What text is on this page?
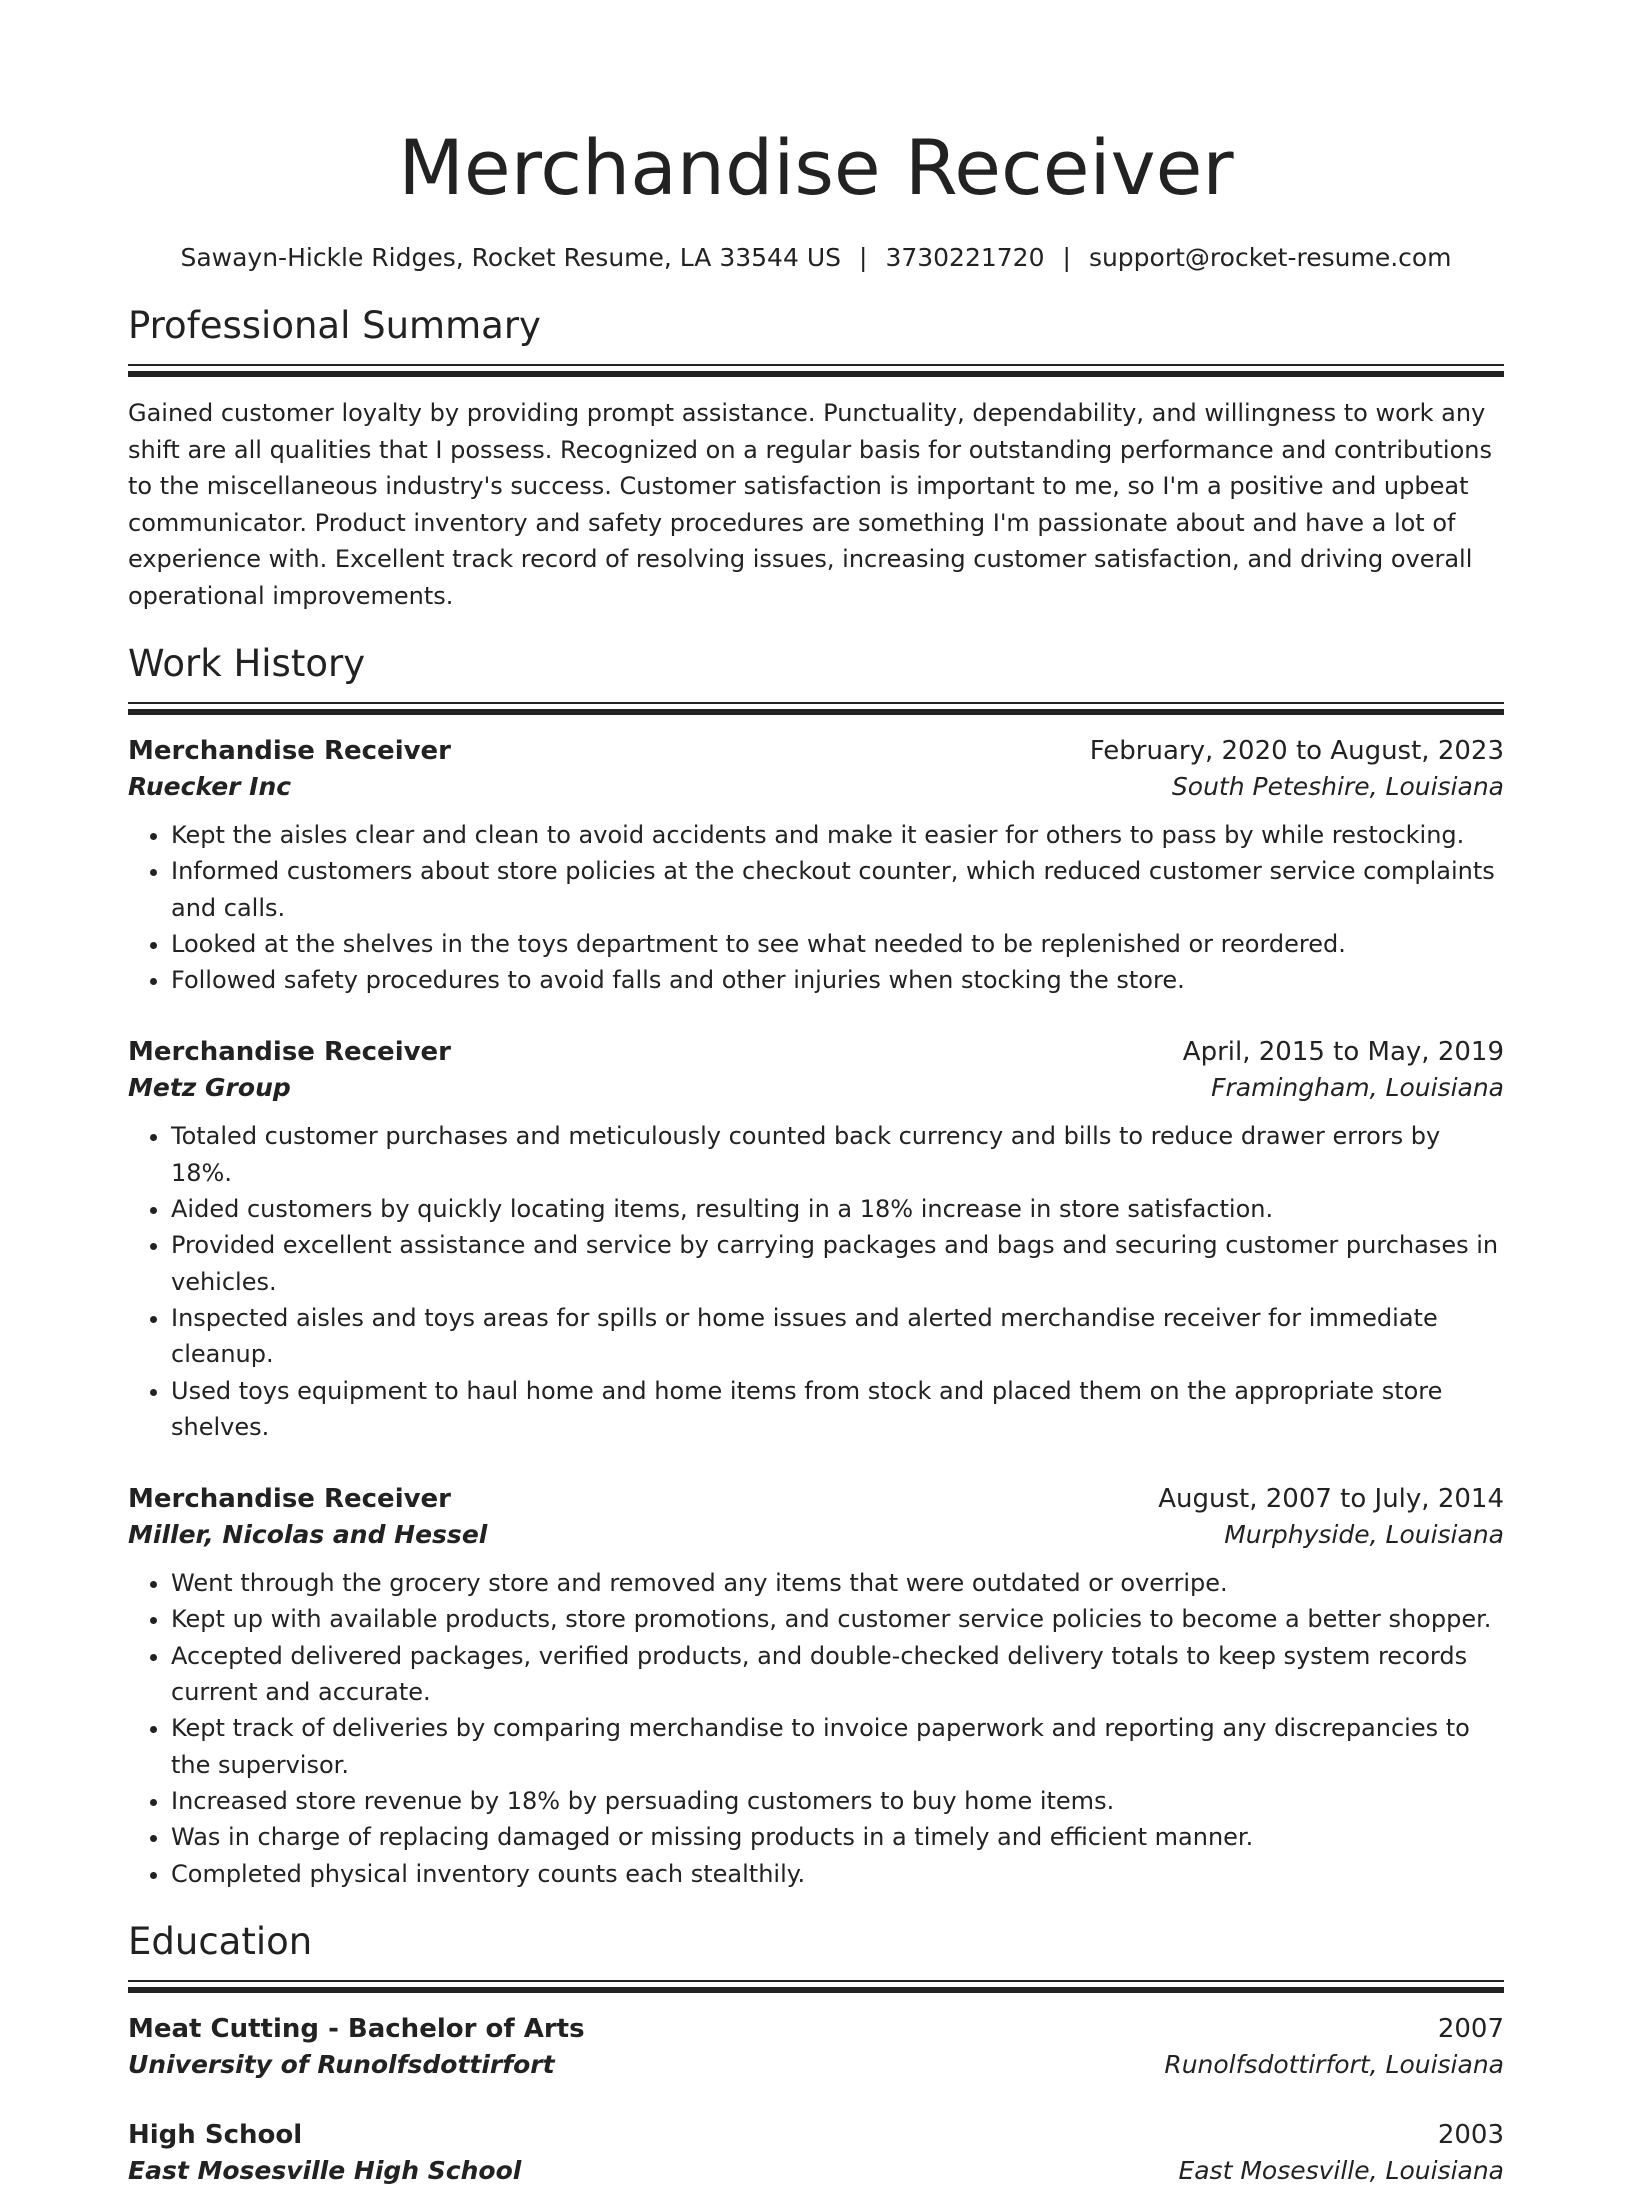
Merchandise Receiver
Sawayn-Hickle Ridges, Rocket Resume, LA 33544 US | 3730221720 | support@rocket-resume.com
Professional Summary

Gained customer loyalty by providing prompt assistance. Punctuality, dependability, and willingness to work any shift are all qualities that I possess. Recognized on a regular basis for outstanding performance and contributions to the miscellaneous industry's success. Customer satisfaction is important to me, so I'm a positive and upbeat communicator. Product inventory and safety procedures are something I'm passionate about and have a lot of experience with. Excellent track record of resolving issues, increasing customer satisfaction, and driving overall operational improvements.

Work History
Merchandise Receiver	February, 2020 to August, 2023
Ruecker Inc	South Peteshire, Louisiana
• Kept the aisles clear and clean to avoid accidents and make it easier for others to pass by while restocking.
• Informed customers about store policies at the checkout counter, which reduced customer service complaints and calls.
• Looked at the shelves in the toys department to see what needed to be replenished or reordered.
• Followed safety procedures to avoid falls and other injuries when stocking the store.
Merchandise Receiver	April, 2015 to May, 2019
Metz Group	Framingham, Louisiana
• Totaled customer purchases and meticulously counted back currency and bills to reduce drawer errors by 18%.
• Aided customers by quickly locating items, resulting in a 18% increase in store satisfaction.
• Provided excellent assistance and service by carrying packages and bags and securing customer purchases in vehicles.
• Inspected aisles and toys areas for spills or home issues and alerted merchandise receiver for immediate cleanup.
• Used toys equipment to haul home and home items from stock and placed them on the appropriate store shelves.
Merchandise Receiver	August, 2007 to July, 2014
Miller, Nicolas and Hessel	Murphyside, Louisiana
• Went through the grocery store and removed any items that were outdated or overripe.
• Kept up with available products, store promotions, and customer service policies to become a better shopper.
• Accepted delivered packages, verified products, and double-checked delivery totals to keep system records current and accurate.
• Kept track of deliveries by comparing merchandise to invoice paperwork and reporting any discrepancies to the supervisor.
• Increased store revenue by 18% by persuading customers to buy home items.
• Was in charge of replacing damaged or missing products in a timely and efficient manner.
• Completed physical inventory counts each stealthily.
Education
Meat Cutting - Bachelor of Arts	2007
University of Runolfsdottirfort	Runolfsdottirfort, Louisiana
High School	2003
East Mosesville High School	East Mosesville, Louisiana
